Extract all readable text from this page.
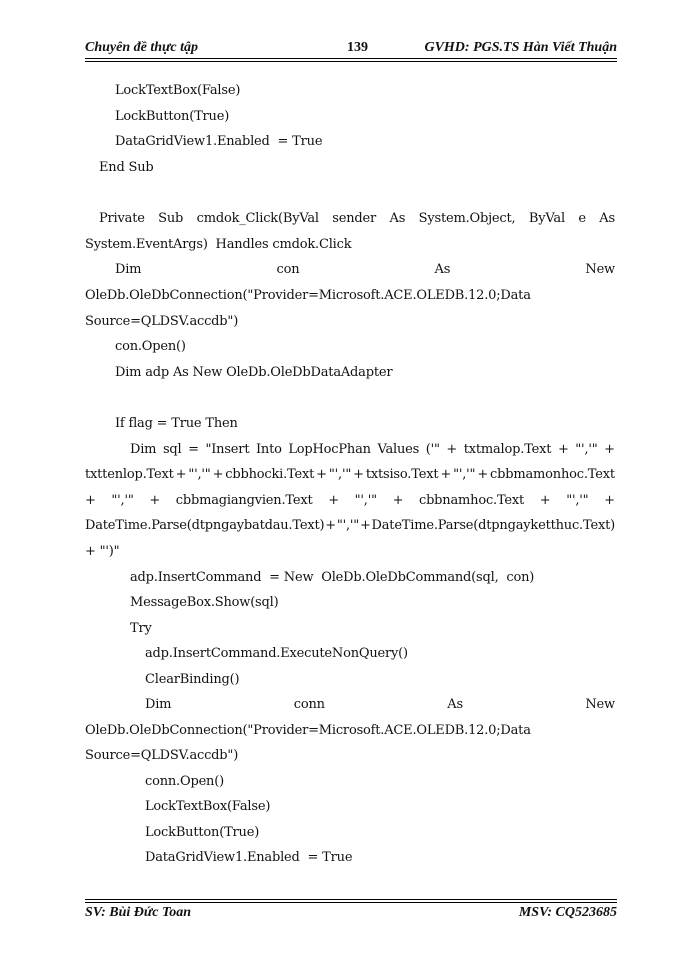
Chuyên đề thực tập	139	GVHD: PGS.TS Hàn Viết Thuận
LockTextBox(False)
LockButton(True)
DataGridView1.Enabled  = True
End Sub
Private Sub cmdok_Click(ByVal sender As System.Object, ByVal e As
System.EventArgs)  Handles cmdok.Click
Dim	con	As	New
OleDb.OleDbConnection("Provider=Microsoft.ACE.OLEDB.12.0;Data
Source=QLDSV.accdb")
con.Open()
Dim adp As New OleDb.OleDbDataAdapter
If flag = True Then
Dim sql = "Insert Into LopHocPhan Values ('" + txtmalop.Text + "','" +
txttenlop.Text + "','" + cbbhocki.Text + "','" + txtsiso.Text + "','" + cbbmamonhoc.Text
+ "','" + cbbmagiangvien.Text + "','" + cbbnamhoc.Text + "','" +
DateTime.Parse(dtpngaybatdau.Text) + "','" + DateTime.Parse(dtpngayketthuc.Text)
+ "')"
adp.InsertCommand  = New  OleDb.OleDbCommand(sql,  con)
MessageBox.Show(sql)
Try
adp.InsertCommand.ExecuteNonQuery()
ClearBinding()
Dim	conn	As	New
OleDb.OleDbConnection("Provider=Microsoft.ACE.OLEDB.12.0;Data
Source=QLDSV.accdb")
conn.Open()
LockTextBox(False)
LockButton(True)
DataGridView1.Enabled  = True
SV: Bùi Đức Toan	MSV: CQ523685
